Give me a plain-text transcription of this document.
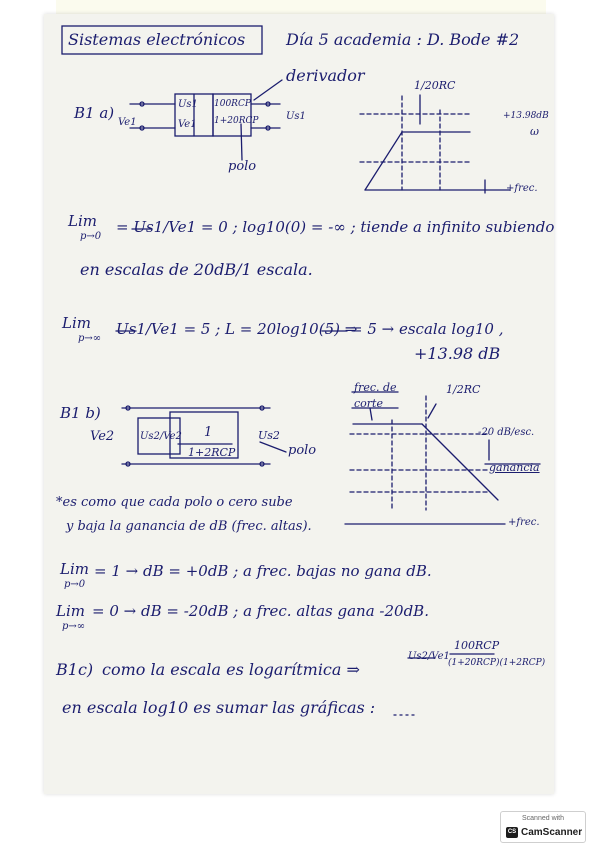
Sistemas electrónicos	Día 5 academia : D. Bode #2
B1 a)
Ve1
Us1
Ve1
100RCP
1+20RCP	Us1
derivador
polo
1/20RC
+13.98dB
ω
+frec.
Lim
p→0
= Us1/Ve1 = 0 ; log10(0) = -∞ ; tiende a infinito subiendo
en escalas de 20dB/1 escala.
Lim
p→∞
Us1/Ve1 = 5 ; L = 20log10(5) ⇒
= 5 → escala log10 ,
+13.98 dB
B1 b)
Ve2	Us2/Ve2 1
1+2RCP
Us2
polo
frec. de corte
1/2RC
-20 dB/esc.
ganancia
+frec.
*es como que cada polo o cero sube
y baja la ganancia de dB (frec. altas).
Lim
p→0
= 1 → dB = +0dB ; a frec. bajas no gana dB.
Lim
p→∞
= 0 → dB = -20dB ; a frec. altas gana -20dB.
B1c) como la escala es logarítmica ⇒
Us2/Ve1
100RCP
(1+20RCP)(1+2RCP)
en escala log10 es sumar las gráficas :
Scanned with
CS CamScanner
